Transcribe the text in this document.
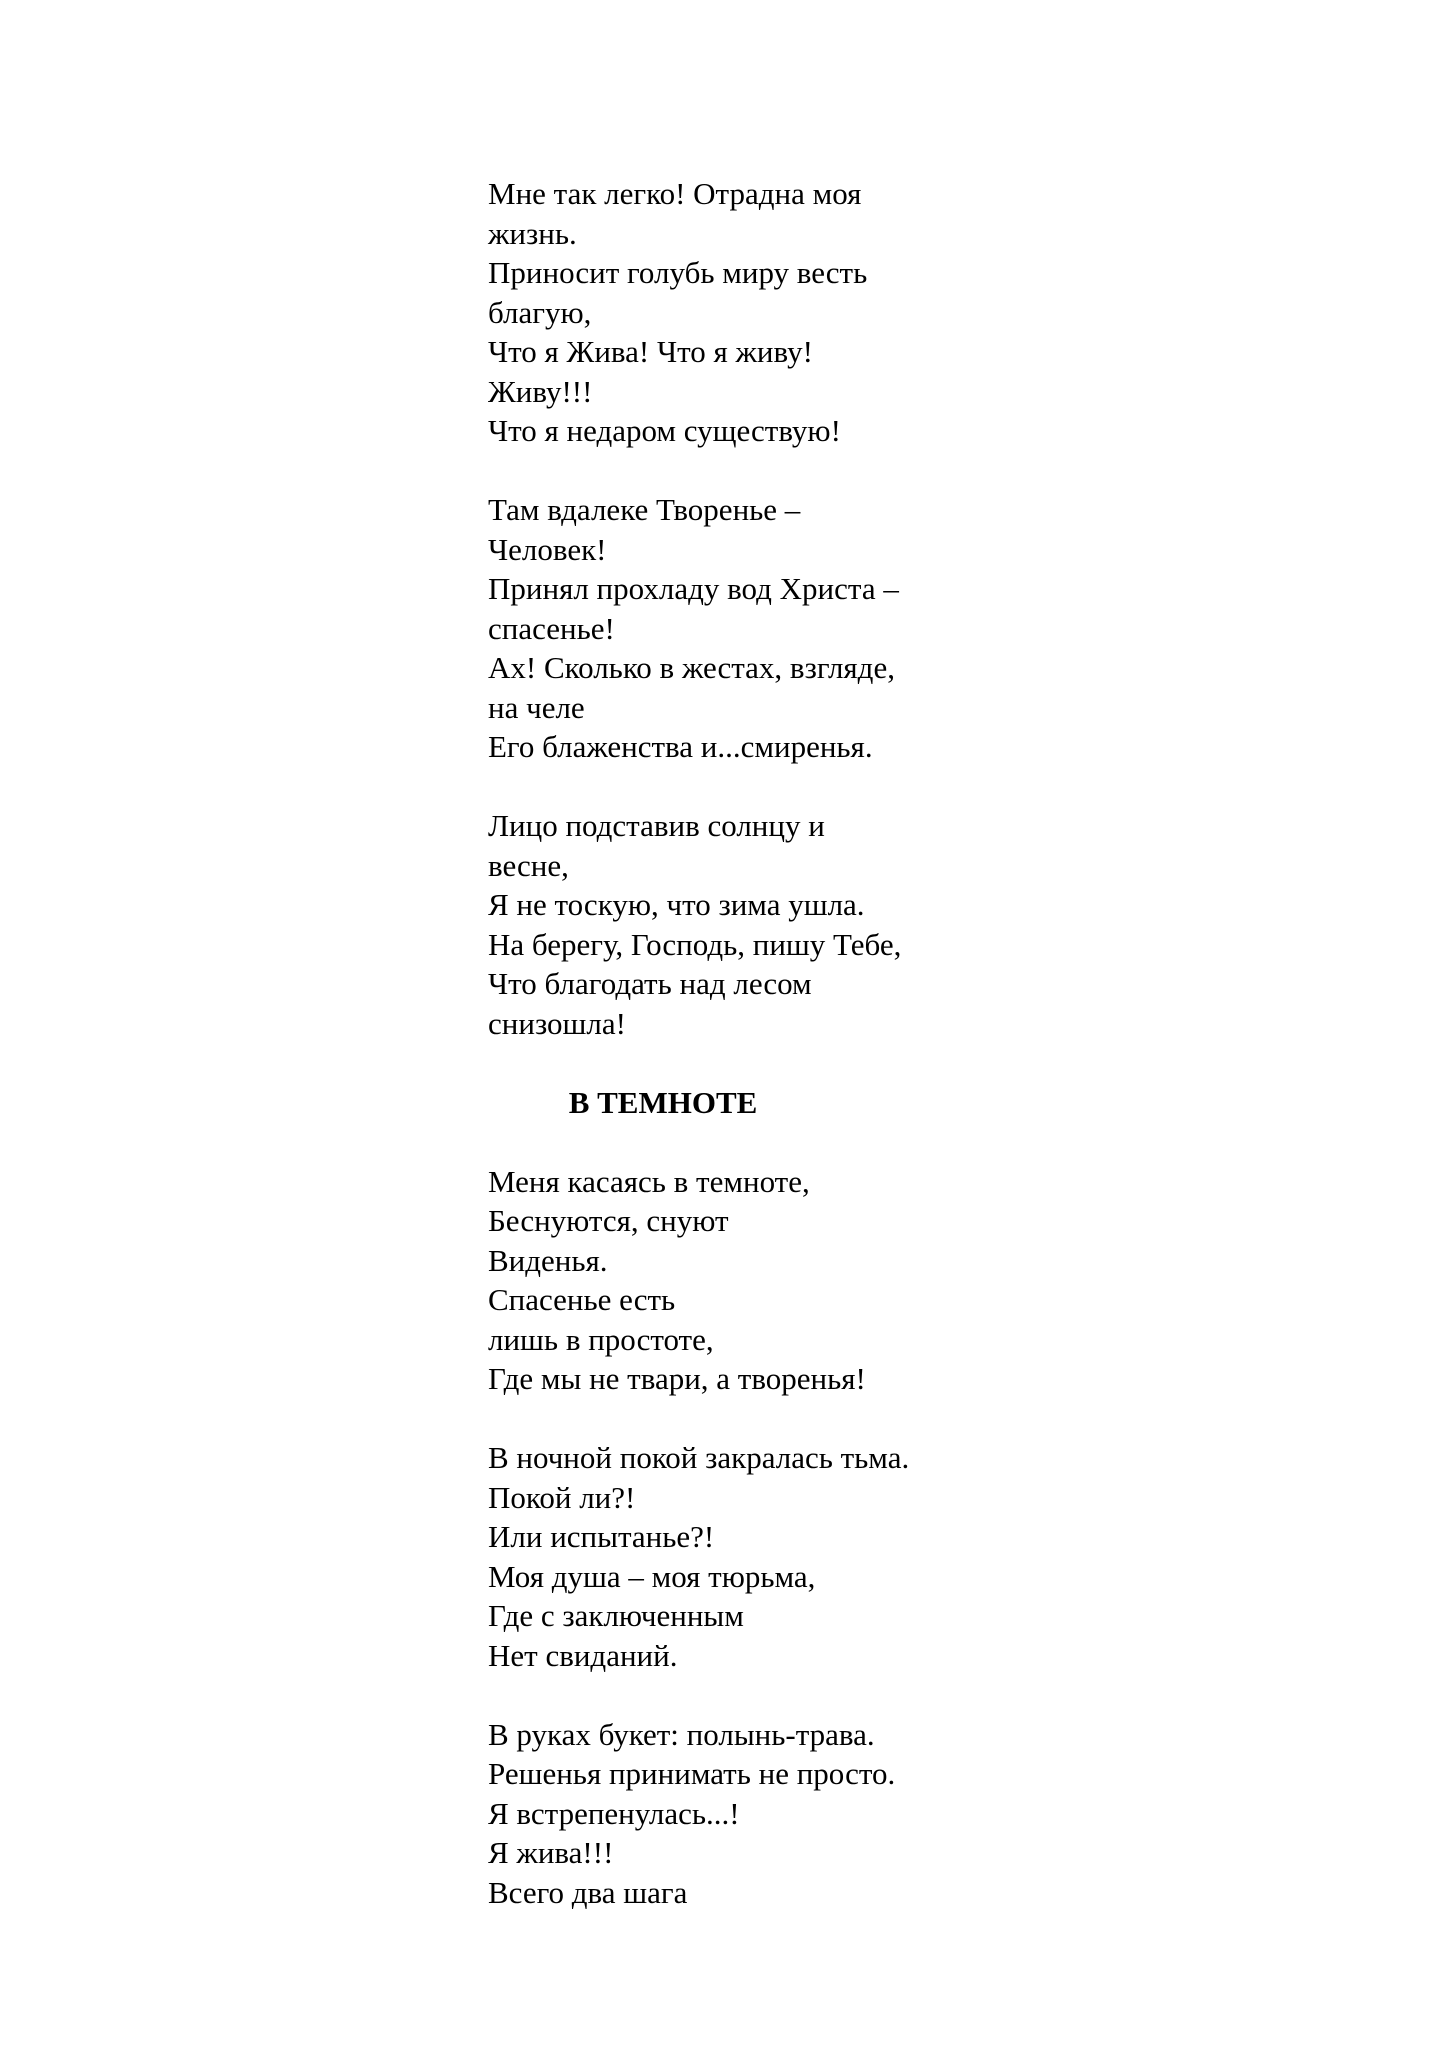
Мне так легко! Отрадна моя
жизнь.
Приносит голубь миру весть
благую,
Что я Жива! Что я живу!
Живу!!!
Что я недаром существую!
Там вдалеке Творенье –
Человек!
Принял прохладу вод Христа –
спасенье!
Ах! Сколько в жестах, взгляде,
на челе
Его блаженства и...смиренья.
Лицо подставив солнцу и
весне,
Я не тоскую, что зима ушла.
На берегу, Господь, пишу Тебе,
Что благодать над лесом
снизошла!
В ТЕМНОТЕ
Меня касаясь в темноте,
Беснуются, снуют
Виденья.
Спасенье есть
лишь в простоте,
Где мы не твари, а творенья!
В ночной покой закралась тьма.
Покой ли?!
Или испытанье?!
Моя душа – моя тюрьма,
Где с заключенным
Нет свиданий.
В руках букет: полынь-трава.
Решенья принимать не просто.
Я встрепенулась...!
Я жива!!!
Всего два шага
